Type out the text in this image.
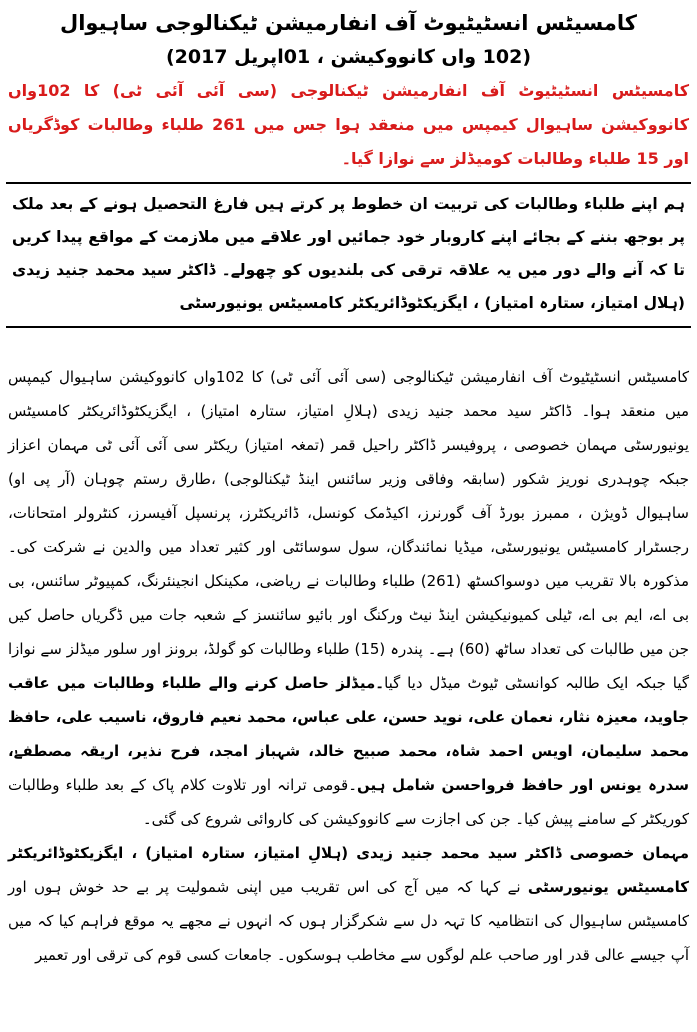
کامسیٹس انسٹیٹیوٹ آف انفارمیشن ٹیکنالوجی ساہیوال
(102 واں کانووکیشن ، 01اپریل 2017)
کامسیٹس انسٹیٹیوٹ آف انفارمیشن ٹیکنالوجی (سی آئی آئی ٹی) کا 102واں کانووکیشن ساہیوال کیمپس میں منعقد ہوا جس میں 261 طلباء وطالبات کوڈگریاں اور 15 طلباء وطالبات کومیڈلز سے نوازا گیا۔
ہم اپنے طلباء وطالبات کی تربیت ان خطوط پر کرتے ہیں فارغ التحصیل ہونے کے بعد ملک پر بوجھ بننے کے بجائے اپنے کاروبار خود جمائیں اور علاقے میں ملازمت کے مواقع پیدا کریں تا کہ آنے والے دور میں یہ علاقہ ترقی کی بلندیوں کو چھولے۔ ڈاکٹر سید محمد جنید زیدی (ہلال امتیاز، ستارہ امتیاز) ، ایگزیکٹوڈائریکٹر کامسیٹس یونیورسٹی

کامسیٹس انسٹیٹیوٹ آف انفارمیشن ٹیکنالوجی (سی آئی آئی ٹی) کا 102واں کانووکیشن ساہیوال کیمپس میں منعقد ہوا۔ ڈاکٹر سید محمد جنید زیدی (ہلالِ امتیاز، ستارہ امتیاز) ، ایگزیکٹوڈائریکٹر کامسیٹس یونیورسٹی مہمان خصوصی ، پروفیسر ڈاکٹر راحیل قمر (تمغہ امتیاز) ریکٹر سی آئی آئی ٹی مہمان اعزاز جبکہ چوہدری نوریز شکور (سابقہ وفاقی وزیر سائنس اینڈ ٹیکنالوجی) ،طارق رستم چوہان (آر پی او) ساہیوال ڈویژن ، ممبرز بورڈ آف گورنرز، اکیڈمک کونسل، ڈائریکٹرز، پرنسپل آفیسرز، کنٹرولر امتحانات، رجسٹرار کامسیٹس یونیورسٹی، میڈیا نمائندگان، سول سوسائٹی اور کثیر تعداد میں والدین نے شرکت کی۔ مذکورہ بالا تقریب میں دوسواکسٹھ (261) طلباء وطالبات نے ریاضی، مکینکل انجینئرنگ، کمپیوٹر سائنس، بی بی اے، ایم بی اے، ٹیلی کمیونیکیشن اینڈ نیٹ ورکنگ اور بائیو سائنسز کے شعبہ جات میں ڈگریاں حاصل کیں جن میں طالبات کی تعداد ساٹھ (60) ہے۔ پندرہ (15) طلباء وطالبات کو گولڈ، برونز اور سلور میڈلز سے نوازا گیا جبکہ ایک طالبہ کوانسٹی ٹیوٹ میڈل دیا گیا۔میڈلز حاصل کرنے والے طلباء وطالبات میں عاقب جاوید، معیزہ نثار، نعمان علی، نوید حسن، علی عباس، محمد نعیم فاروق، ناسیب علی، حافظ محمد سلیمان، اویس احمد شاہ، محمد صبیح خالد، شہباز امجد، فرح نذیر، اریقہ مصطفےٰ، سدرہ یونس اور حافظ فرواحسن شامل ہیں۔قومی ترانہ اور تلاوت کلام پاک کے بعد طلباء وطالبات کوریکٹر کے سامنے پیش کیا۔ جن کی اجازت سے کانووکیشن کی کاروائی شروع کی گئی۔

مہمان خصوصی ڈاکٹر سید محمد جنید زیدی (ہلالِ امتیاز، ستارہ امتیاز) ، ایگزیکٹوڈائریکٹر کامسیٹس یونیورسٹی نے کہا کہ میں آج کی اس تقریب میں اپنی شمولیت پر بے حد خوش ہوں اور کامسیٹس ساہیوال کی انتظامیہ کا تہہ دل سے شکرگزار ہوں کہ انہوں نے مجھے یہ موقع فراہم کیا کہ میں آپ جیسے عالی قدر اور صاحب علم لوگوں سے مخاطب ہوسکوں۔ جامعات کسی قوم کی ترقی اور تعمیر
